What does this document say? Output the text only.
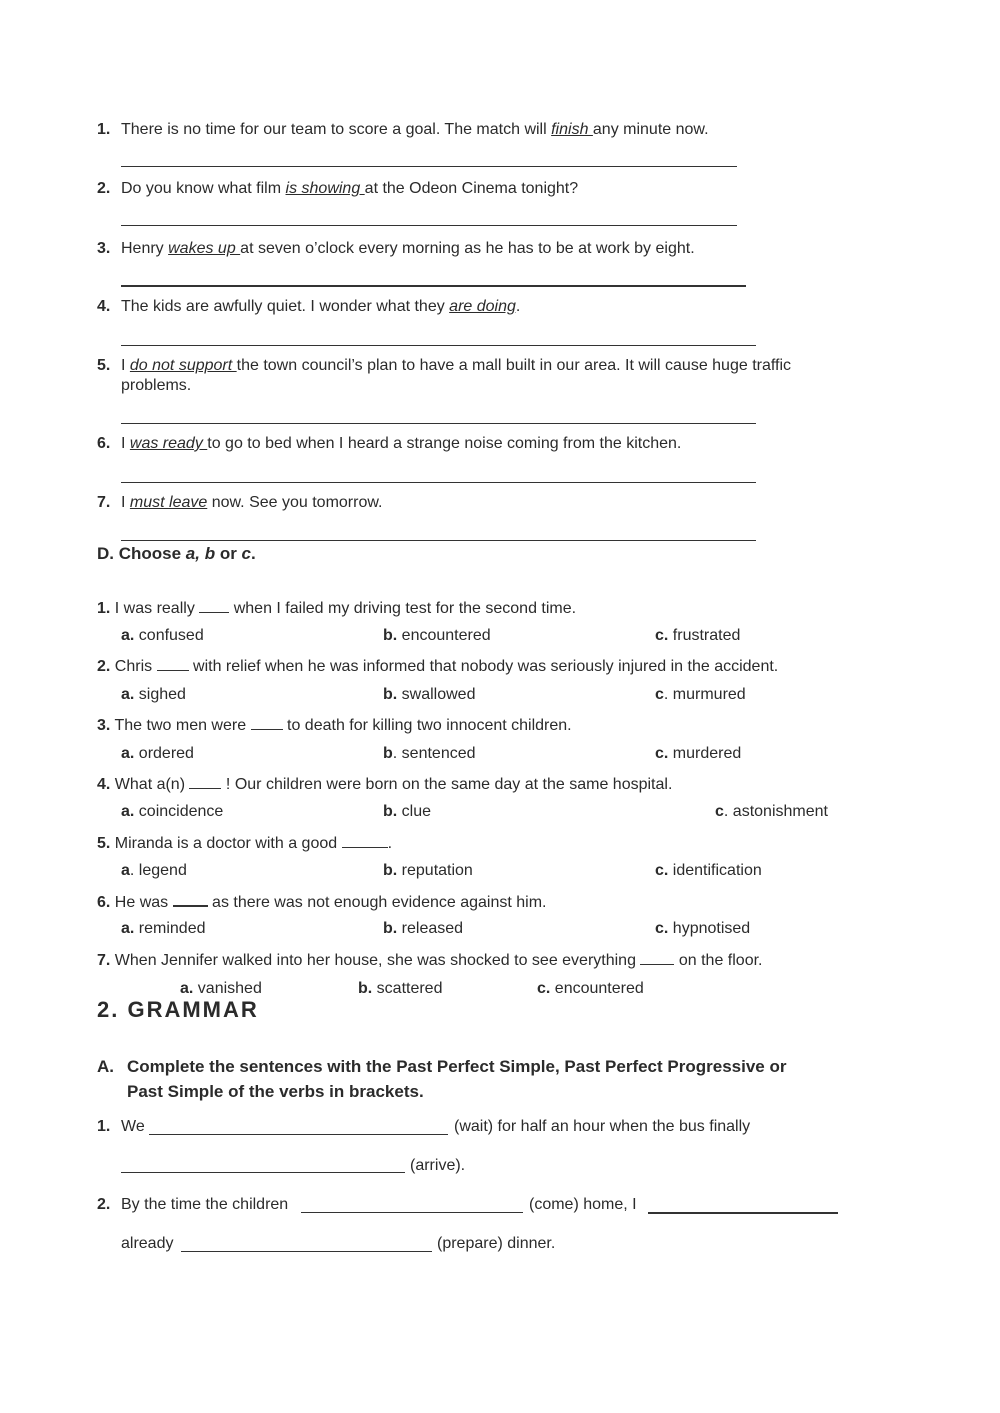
1. There is no time for our team to score a goal. The match will finish any minute now.
2. Do you know what film is showing at the Odeon Cinema tonight?
3. Henry wakes up at seven o’clock every morning as he has to be at work by eight.
4. The kids are awfully quiet. I wonder what they are doing.
5. I do not support the town council’s plan to have a mall built in our area. It will cause huge traffic
problems.
6. I was ready to go to bed when I heard a strange noise coming from the kitchen.
7. I must leave now. See you tomorrow.
D. Choose a, b or c.
1. I was really  when I failed my driving test for the second time.
a. confused	b. encountered	c. frustrated
2. Chris  with relief when he was informed that nobody was seriously injured in the accident.
a. sighed	b. swallowed	c. murmured
3. The two men were  to death for killing two innocent children.
a. ordered	b. sentenced	c. murdered
4. What a(n)  ! Our children were born on the same day at the same hospital.
a. coincidence	b. clue	c. astonishment
5. Miranda is a doctor with a good	.
a. legend	b. reputation	c. identification
6. He was  as there was not enough evidence against him.
a. reminded	b. released	c. hypnotised
7. When Jennifer walked into her house, she was shocked to see everything  on the floor.
a. vanished	b. scattered	c. encountered
2. GRAMMAR
A. Complete the sentences with the Past Perfect Simple, Past Perfect Progressive or
Past Simple of the verbs in brackets.
1. We	(wait) for half an hour when the bus finally
(arrive).
2. By the time the children	(come) home, I
already	(prepare) dinner.
